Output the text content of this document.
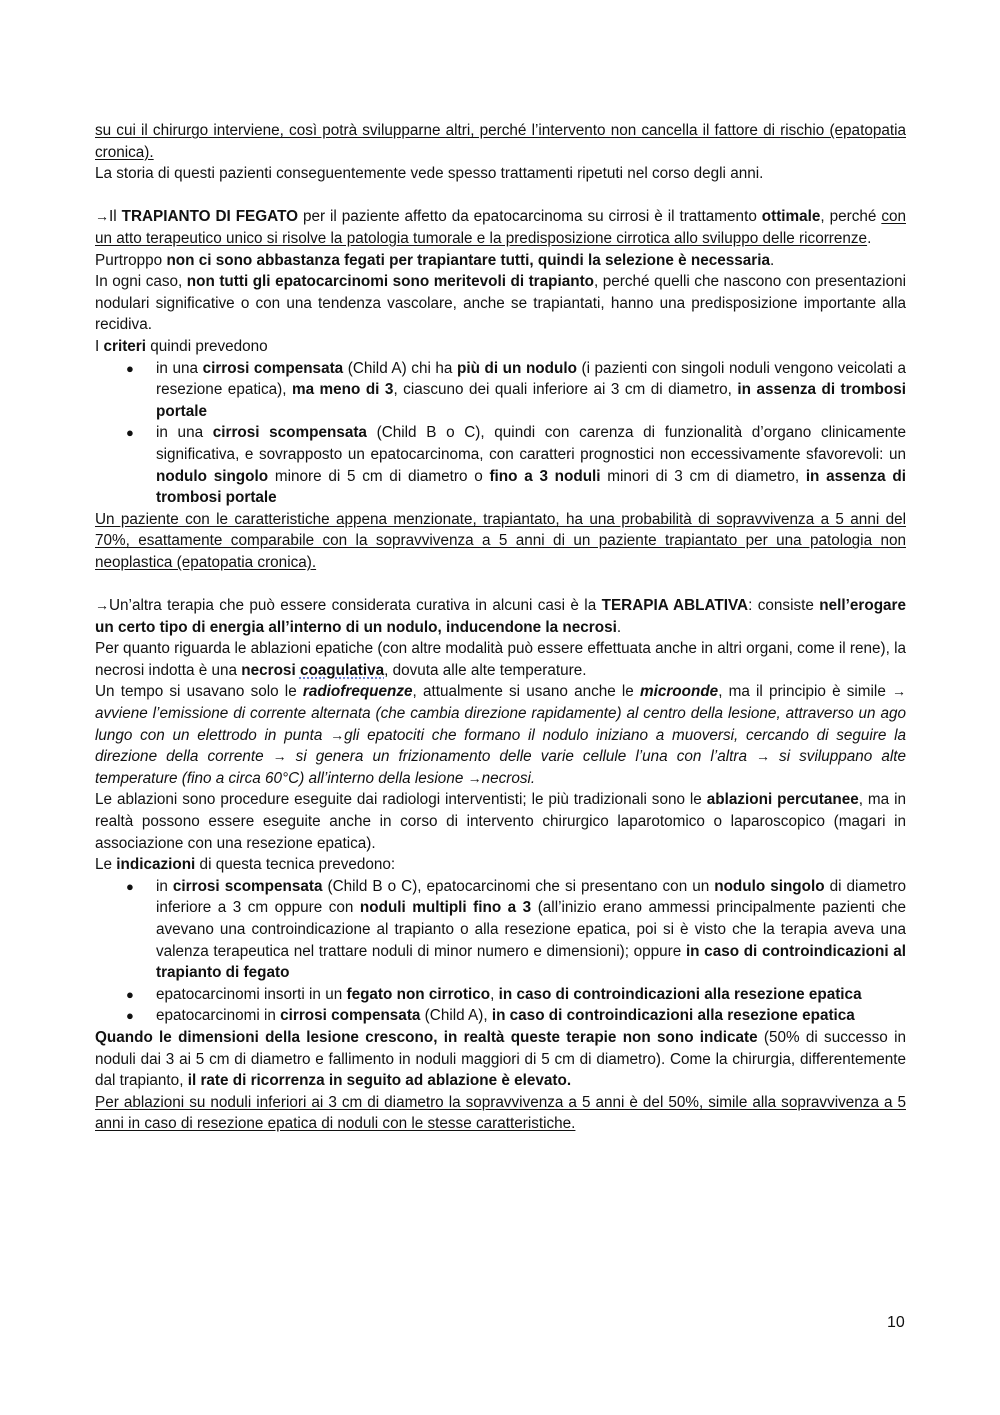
su cui il chirurgo interviene, così potrà svilupparne altri, perché l’intervento non cancella il fattore di rischio (epatopatia cronica).

La storia di questi pazienti conseguentemente vede spesso trattamenti ripetuti nel corso degli anni.

→Il TRAPIANTO DI FEGATO per il paziente affetto da epatocarcinoma su cirrosi è il trattamento ottimale, perché con un atto terapeutico unico si risolve la patologia tumorale e la predisposizione cirrotica allo sviluppo delle ricorrenze.

Purtroppo non ci sono abbastanza fegati per trapiantare tutti, quindi la selezione è necessaria.

In ogni caso, non tutti gli epatocarcinomi sono meritevoli di trapianto, perché quelli che nascono con presentazioni nodulari significative o con una tendenza vascolare, anche se trapiantati, hanno una predisposizione importante alla recidiva.

I criteri quindi prevedono

● in una cirrosi compensata (Child A) chi ha più di un nodulo (i pazienti con singoli noduli vengono veicolati a resezione epatica), ma meno di 3, ciascuno dei quali inferiore ai 3 cm di diametro, in assenza di trombosi portale
● in una cirrosi scompensata (Child B o C), quindi con carenza di funzionalità d’organo clinicamente significativa, e sovrapposto un epatocarcinoma, con caratteri prognostici non eccessivamente sfavorevoli: un nodulo singolo minore di 5 cm di diametro o fino a 3 noduli minori di 3 cm di diametro, in assenza di trombosi portale

Un paziente con le caratteristiche appena menzionate, trapiantato, ha una probabilità di sopravvivenza a 5 anni del 70%, esattamente comparabile con la sopravvivenza a 5 anni di un paziente trapiantato per una patologia non neoplastica (epatopatia cronica).

→Un’altra terapia che può essere considerata curativa in alcuni casi è la TERAPIA ABLATIVA: consiste nell’erogare un certo tipo di energia all’interno di un nodulo, inducendone la necrosi.

Per quanto riguarda le ablazioni epatiche (con altre modalità può essere effettuata anche in altri organi, come il rene), la necrosi indotta è una necrosi coagulativa, dovuta alle alte temperature.

Un tempo si usavano solo le radiofrequenze, attualmente si usano anche le microonde, ma il principio è simile → avviene l’emissione di corrente alternata (che cambia direzione rapidamente) al centro della lesione, attraverso un ago lungo con un elettrodo in punta →gli epatociti che formano il nodulo iniziano a muoversi, cercando di seguire la direzione della corrente → si genera un frizionamento delle varie cellule l’una con l’altra → si sviluppano alte temperature (fino a circa 60°C) all’interno della lesione →necrosi.

Le ablazioni sono procedure eseguite dai radiologi interventisti; le più tradizionali sono le ablazioni percutanee, ma in realtà possono essere eseguite anche in corso di intervento chirurgico laparotomico o laparoscopico (magari in associazione con una resezione epatica).

Le indicazioni di questa tecnica prevedono:

● in cirrosi scompensata (Child B o C), epatocarcinomi che si presentano con un nodulo singolo di diametro inferiore a 3 cm oppure con noduli multipli fino a 3 (all’inizio erano ammessi principalmente pazienti che avevano una controindicazione al trapianto o alla resezione epatica, poi si è visto che la terapia aveva una valenza terapeutica nel trattare noduli di minor numero e dimensioni); oppure in caso di controindicazioni al trapianto di fegato
● epatocarcinomi insorti in un fegato non cirrotico, in caso di controindicazioni alla resezione epatica
● epatocarcinomi in cirrosi compensata (Child A), in caso di controindicazioni alla resezione epatica

Quando le dimensioni della lesione crescono, in realtà queste terapie non sono indicate (50% di successo in noduli dai 3 ai 5 cm di diametro e fallimento in noduli maggiori di 5 cm di diametro). Come la chirurgia, differentemente dal trapianto, il rate di ricorrenza in seguito ad ablazione è elevato.

Per ablazioni su noduli inferiori ai 3 cm di diametro la sopravvivenza a 5 anni è del 50%, simile alla sopravvivenza a 5 anni in caso di resezione epatica di noduli con le stesse caratteristiche.

10
